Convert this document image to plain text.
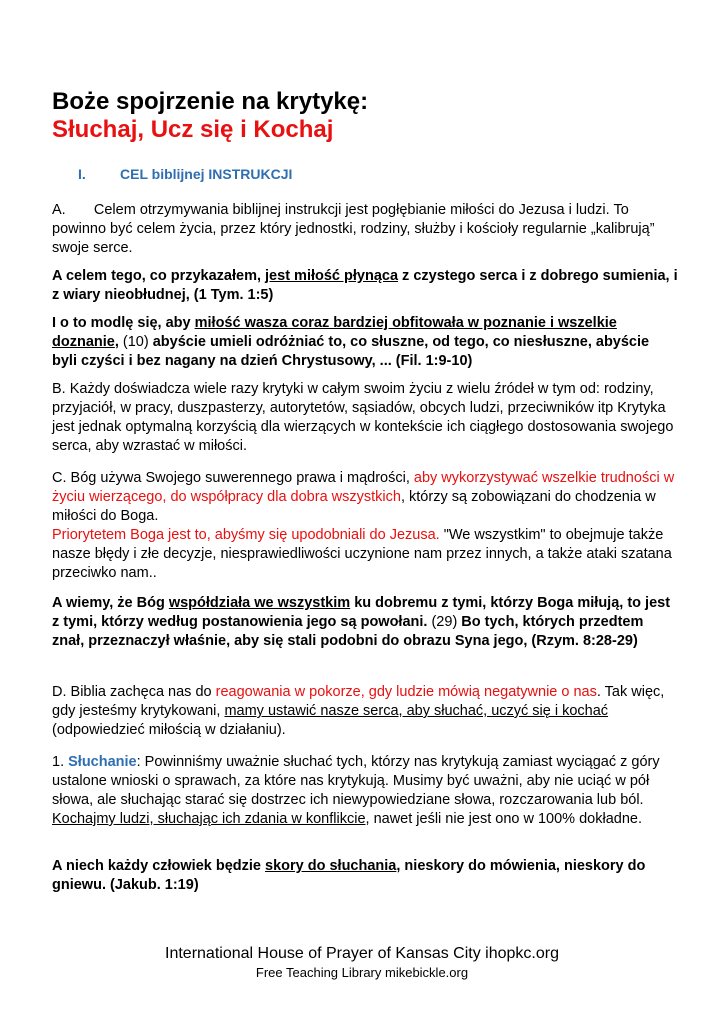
Boże spojrzenie na krytykę:
Słuchaj, Ucz się i Kochaj
I. CEL biblijnej INSTRUKCJI
A.       Celem otrzymywania biblijnej instrukcji jest pogłębianie miłości do Jezusa i ludzi. To powinno być celem życia, przez który jednostki, rodziny, służby i kościoły regularnie „kalibrują” swoje serce.
A celem tego, co przykazałem, jest miłość płynąca z czystego serca i z dobrego sumienia, i z wiary nieobłudnej, (1 Tym. 1:5)
I o to modlę się, aby miłość wasza coraz bardziej obfitowała w poznanie i wszelkie doznanie, (10) abyście umieli odróżniać to, co słuszne, od tego, co niesłuszne, abyście byli czyści i bez nagany na dzień Chrystusowy, ... (Fil. 1:9-10)
B. Każdy doświadcza wiele razy krytyki w całym swoim życiu z wielu źródeł w tym od: rodziny, przyjaciół, w pracy, duszpasterzy, autorytetów, sąsiadów, obcych ludzi, przeciwników itp Krytyka jest jednak optymalną korzyścią dla wierzących w kontekście ich ciągłego dostosowania swojego serca, aby wzrastać w miłości.
C. Bóg używa Swojego suwerennego prawa i mądrości, aby wykorzystywać wszelkie trudności w życiu wierzącego, do współpracy dla dobra wszystkich, którzy są zobowiązani do chodzenia w miłości do Boga.
Priorytetem Boga jest to, abyśmy się upodobniali do Jezusa. "We wszystkim" to obejmuje także nasze błędy i złe decyzje, niesprawiedliwości uczynione nam przez innych, a także ataki szatana przeciwko nam..
A wiemy, że Bóg współdziała we wszystkim ku dobremu z tymi, którzy Boga miłują, to jest z tymi, którzy według postanowienia jego są powołani. (29) Bo tych, których przedtem znał, przeznaczył właśnie, aby się stali podobni do obrazu Syna jego, (Rzym. 8:28-29)
D. Biblia zachęca nas do reagowania w pokorze, gdy ludzie mówią negatywnie o nas. Tak więc, gdy jesteśmy krytykowani, mamy ustawić nasze serca, aby słuchać, uczyć się i kochać (odpowiedzieć miłością w działaniu).
1. Słuchanie: Powinniśmy uważnie słuchać tych, którzy nas krytykują zamiast wyciągać z góry ustalone wnioski o sprawach, za które nas krytykują. Musimy być uważni, aby nie uciąć w pół słowa, ale słuchając starać się dostrzec ich niewypowiedziane słowa, rozczarowania lub ból.
Kochajmy ludzi, słuchając ich zdania w konflikcie, nawet jeśli nie jest ono w 100% dokładne.
A niech każdy człowiek będzie skory do słuchania, nieskory do mówienia, nieskory do gniewu. (Jakub. 1:19)
International House of Prayer of Kansas City ihopkc.org
Free Teaching Library mikebickle.org
